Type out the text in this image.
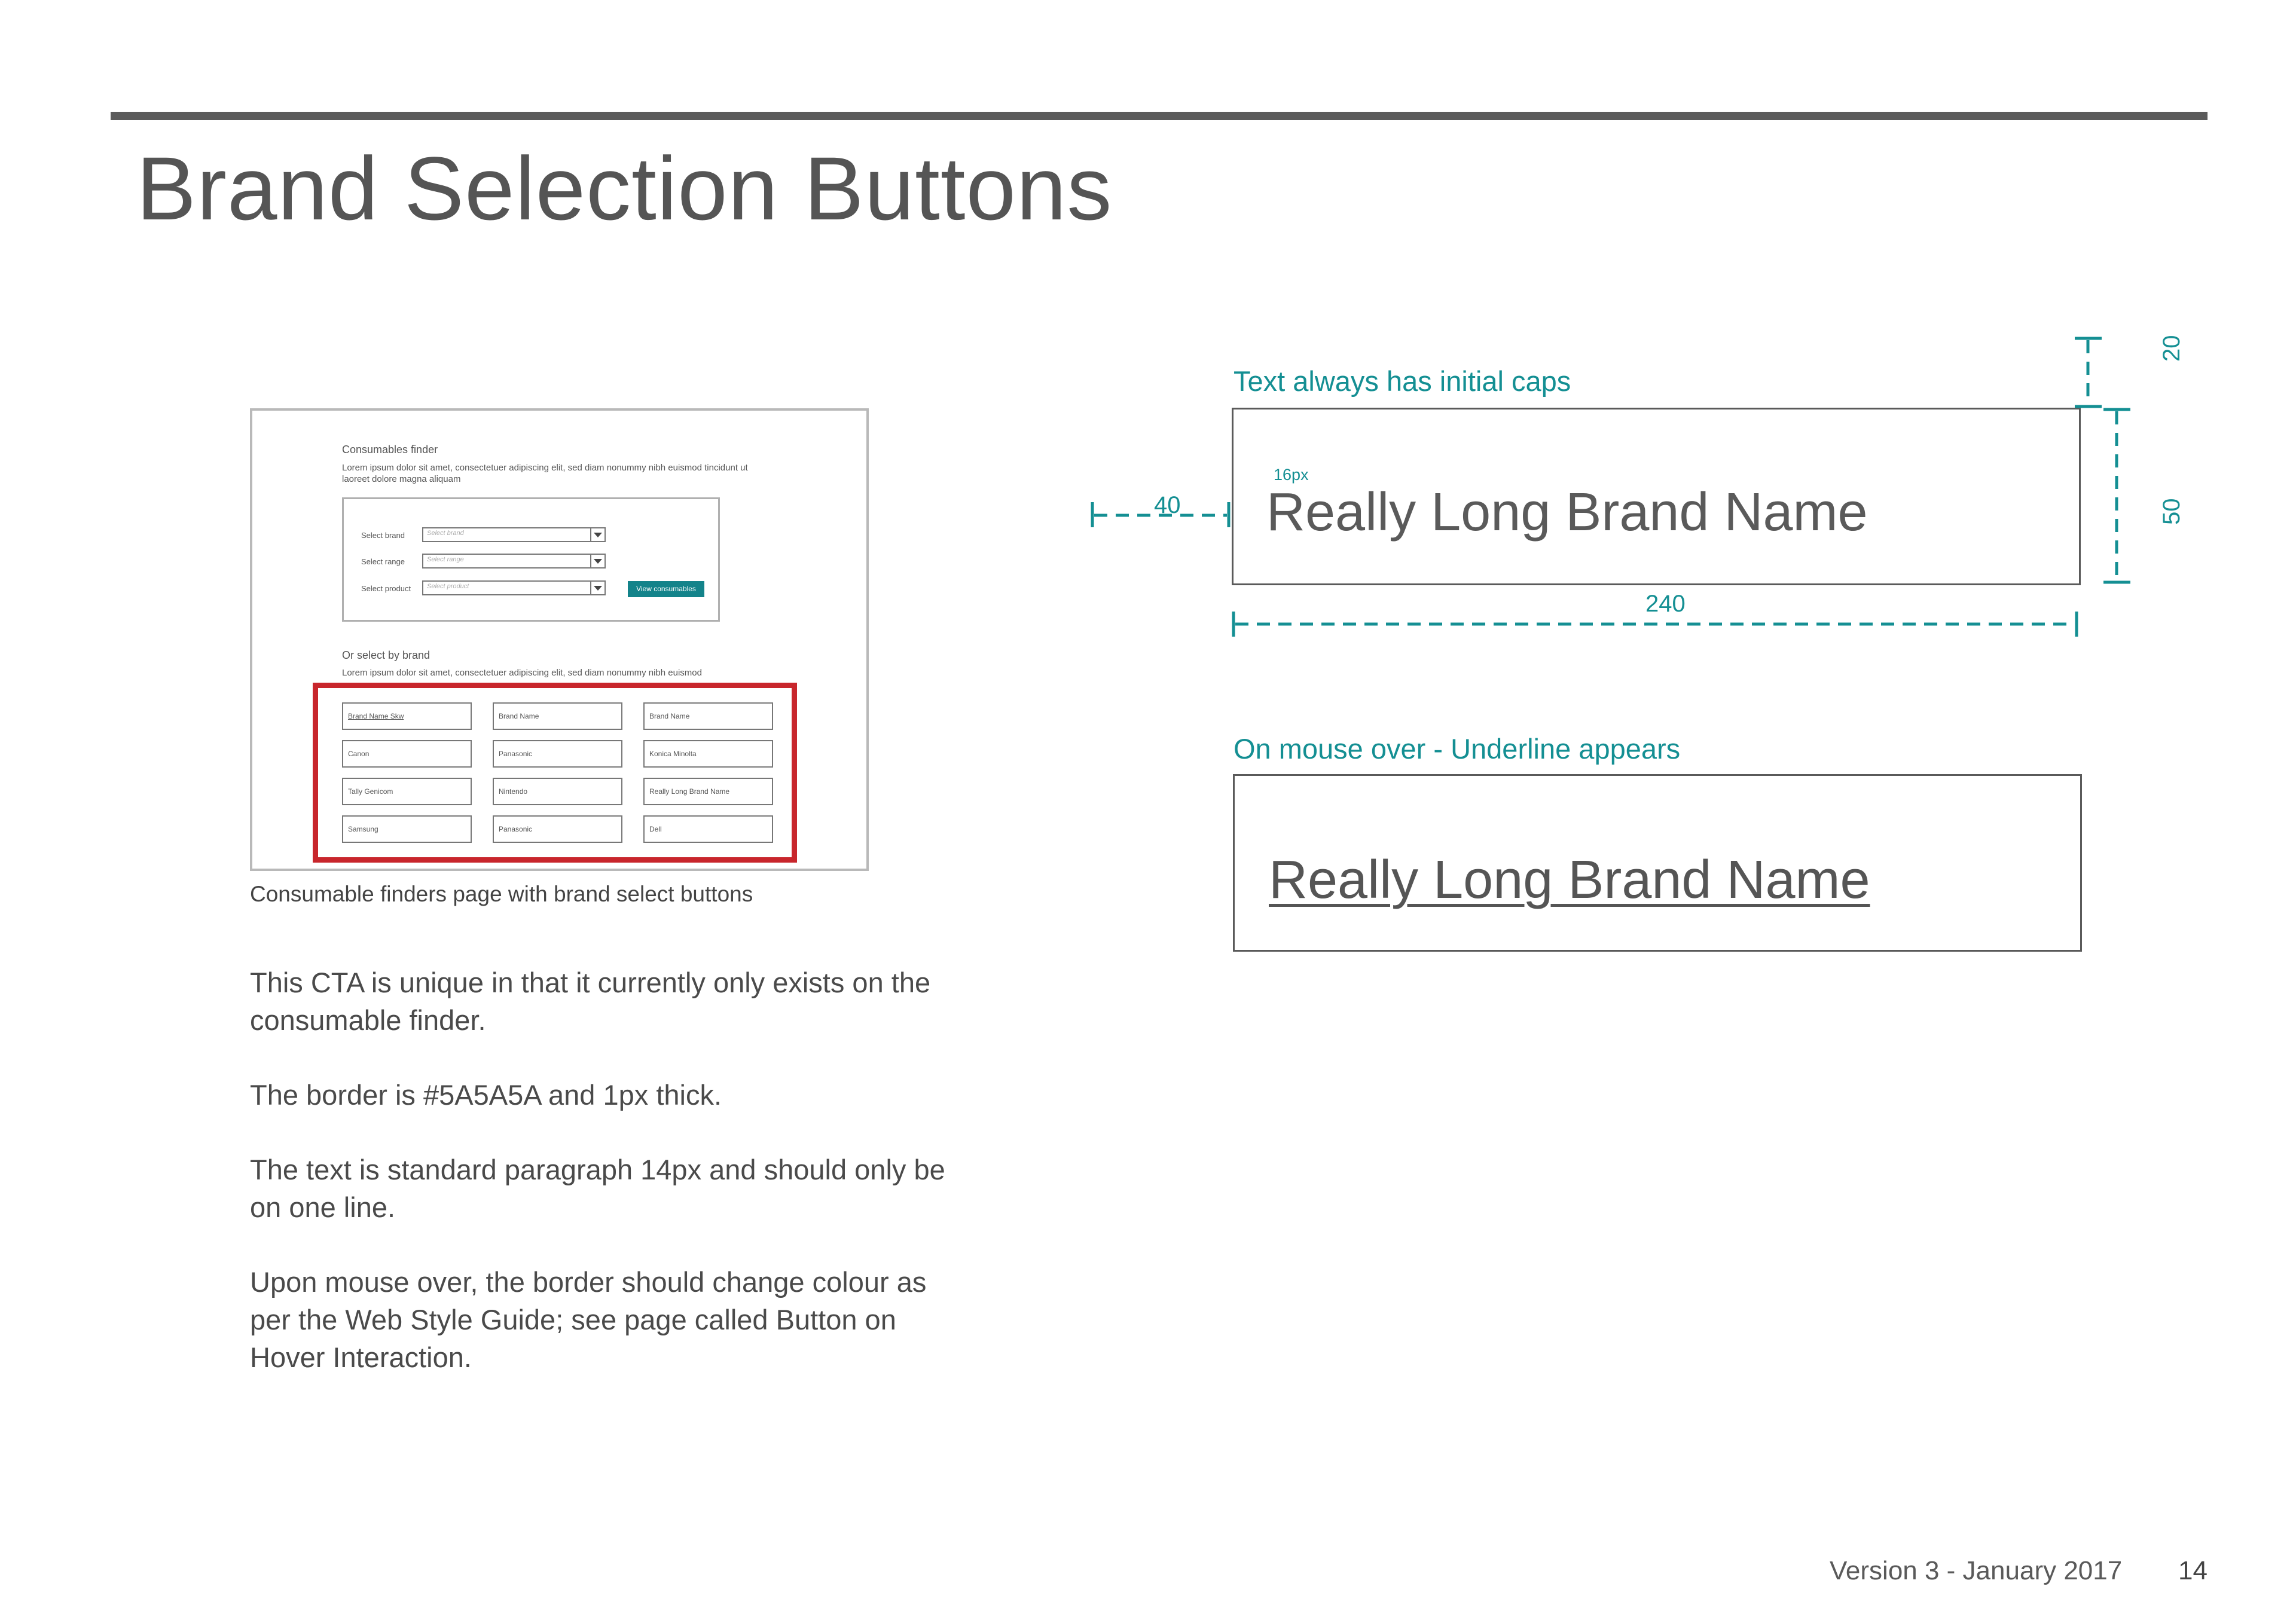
Brand Selection Buttons
Consumables finder
Lorem ipsum dolor sit amet, consectetuer adipiscing elit, sed diam nonummy nibh euismod tincidunt ut laoreet dolore magna aliquam
Select brand	Select brand
Select range	Select range
Select product Select product	View consumables
Or select by brand
Lorem ipsum dolor sit amet, consectetuer adipiscing elit, sed diam nonummy nibh euismod
Brand Name Skw	Brand Name	Brand Name
Canon	Panasonic	Konica Minolta
Tally Genicom	Nintendo	Really Long Brand Name
Samsung	Panasonic	Dell
Consumable finders page with brand select buttons
This CTA is unique in that it currently only exists on the consumable finder.
The border is #5A5A5A and 1px thick.
The text is standard paragraph 14px and should only be on one line.
Upon mouse over, the border should change colour as per the Web Style Guide; see page called Button on Hover Interaction.
Text always has initial caps
16px
Really Long Brand Name
40
240
20
50
On mouse over - Underline appears
Really Long Brand Name
Version 3 - January 2017 14
